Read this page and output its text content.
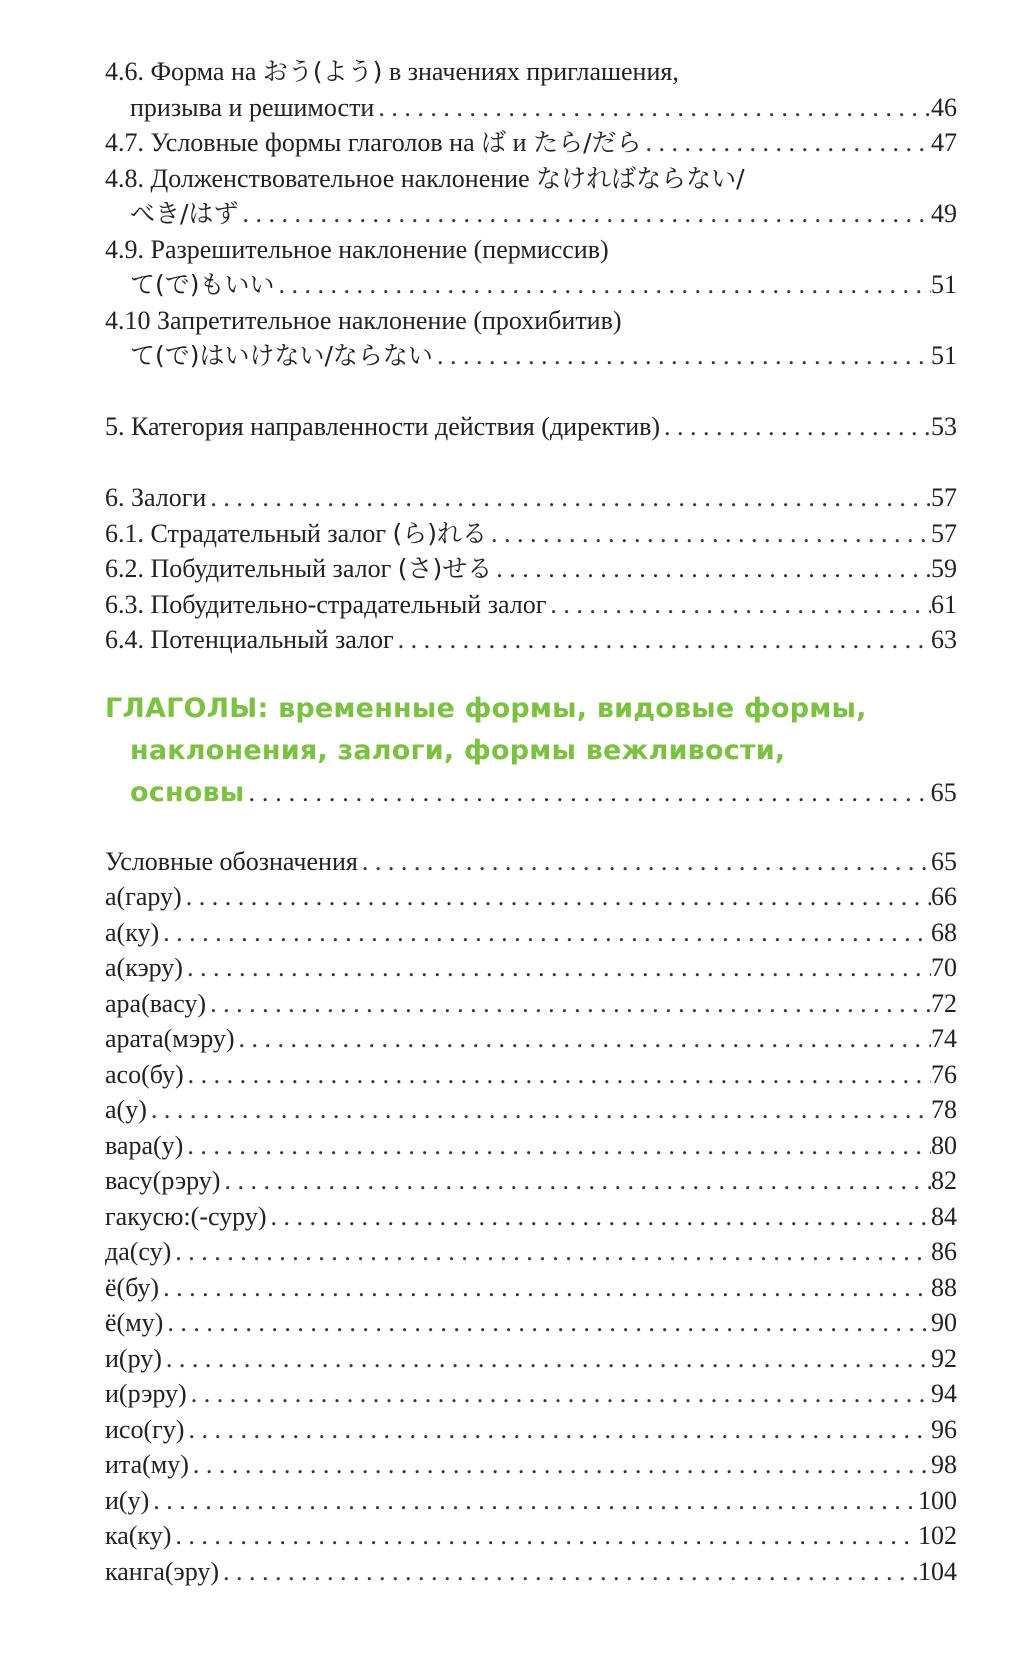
4.6. Форма на おう(よう) в значениях приглашения,
призыва и решимости . . .	46
4.7. Условные формы глаголов на ば и たら/だら . . .	47
4.8. Долженствовательное наклонение なければならない/
べき/はず . . .	49
4.9. Разрешительное наклонение (пермиссив)
て(で)もいい . . .	51
4.10 Запретительное наклонение (прохибитив)
て(で)はいけない/ならない . . .	51
5. Категория направленности действия (директив) . . .	53
6. Залоги . . .	57
6.1. Страдательный залог (ら)れる . . .	57
6.2. Побудительный залог (さ)せる . . .	59
6.3. Побудительно-страдательный залог . . .	61
6.4. Потенциальный залог . . .	63
ГЛАГОЛЫ: временные формы, видовые формы,
наклонения, залоги, формы вежливости,
основы . . .	65
Условные обозначения . . .	65
а(гару) . . .	66
а(ку) . . .	68
а(кэру) . . .	70
ара(васу) . . .	72
арата(мэру) . . .	74
асо(бу) . . .	76
а(у) . . .	78
вара(у) . . .	80
васу(рэру) . . .	82
гакусю:(-суру) . . .	84
да(су) . . .	86
ё(бу) . . .	88
ё(му) . . .	90
и(ру) . . .	92
и(рэру) . . .	94
исо(гу) . . .	96
ита(му) . . .	98
и(у) . . .	100
ка(ку) . . .	102
канга(эру) . . .	104
